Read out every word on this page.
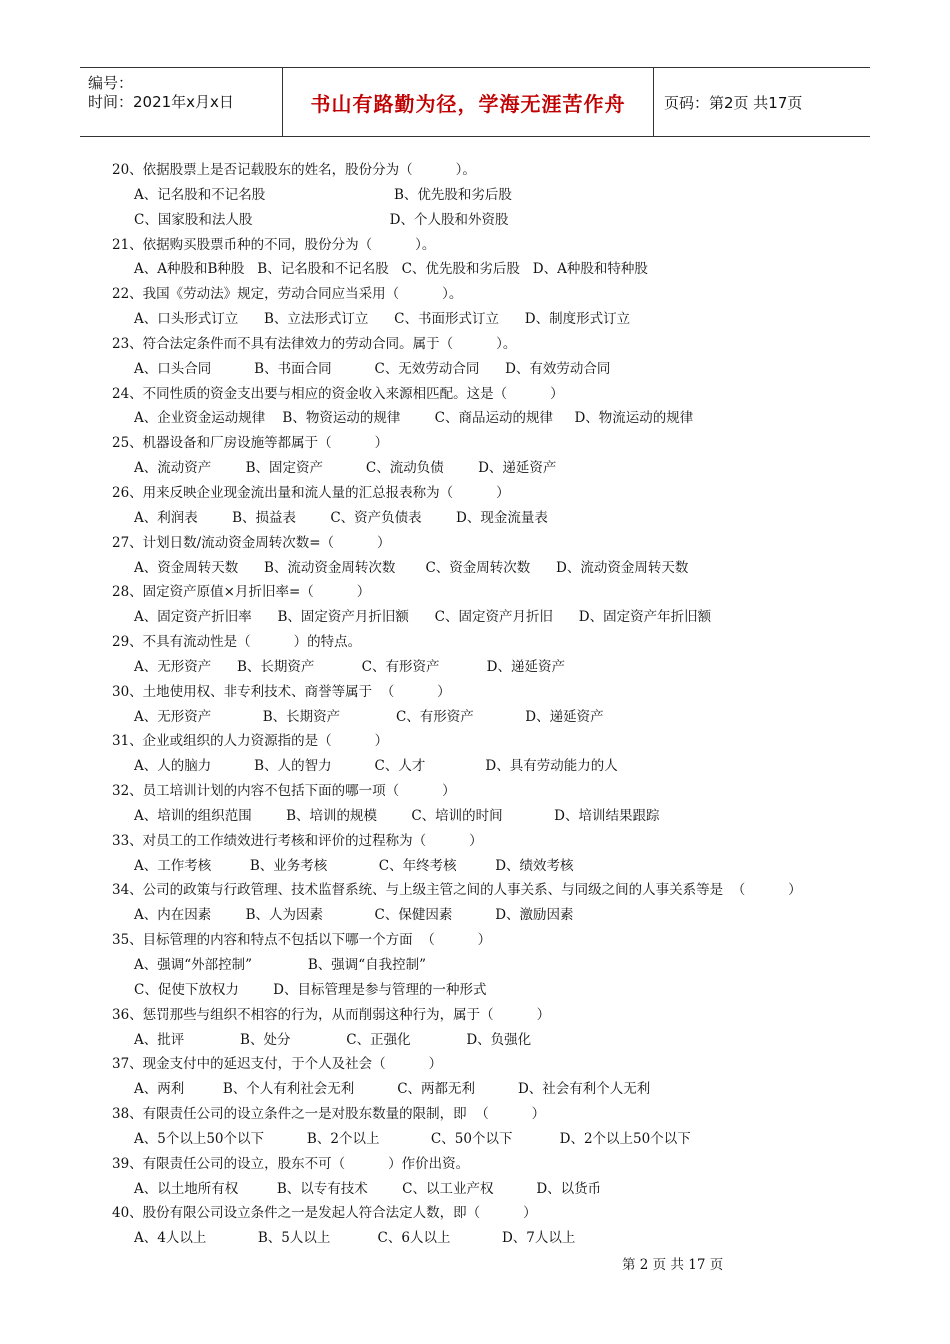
编号：
时间：2021年x月x日	书山有路勤为径，学海无涯苦作舟	页码：第2页 共17页
20、依据股票上是否记载股东的姓名，股份分为（          ）。
A、记名股和不记名股                              B、优先股和劣后股
C、国家股和法人股                                D、个人股和外资股
21、依据购买股票币种的不同，股份分为（          ）。
A、A种股和B种股   B、记名股和不记名股   C、优先股和劣后股   D、A种股和特种股
22、我国《劳动法》规定，劳动合同应当采用（          ）。
A、口头形式订立      B、立法形式订立      C、书面形式订立      D、制度形式订立
23、符合法定条件而不具有法律效力的劳动合同。属于（          ）。
A、口头合同          B、书面合同          C、无效劳动合同      D、有效劳动合同
24、不同性质的资金支出要与相应的资金收入来源相匹配。这是（          ）
A、企业资金运动规律    B、物资运动的规律        C、商品运动的规律     D、物流运动的规律
25、机器设备和厂房设施等都属于（          ）
A、流动资产        B、固定资产          C、流动负债        D、递延资产
26、用来反映企业现金流出量和流人量的汇总报表称为（          ）
A、利润表        B、损益表        C、资产负债表        D、现金流量表
27、计划日数/流动资金周转次数=（          ）
A、资金周转天数      B、流动资金周转次数       C、资金周转次数      D、流动资金周转天数
28、固定资产原值×月折旧率=（          ）
A、固定资产折旧率      B、固定资产月折旧额      C、固定资产月折旧      D、固定资产年折旧额
29、不具有流动性是（          ）的特点。
A、无形资产      B、长期资产           C、有形资产           D、递延资产
30、土地使用权、非专利技术、商誉等属于  （          ）
A、无形资产            B、长期资产             C、有形资产            D、递延资产
31、企业或组织的人力资源指的是（          ）
A、人的脑力          B、人的智力          C、人才              D、具有劳动能力的人
32、员工培训计划的内容不包括下面的哪一项（          ）
A、培训的组织范围        B、培训的规模        C、培训的时间            D、培训结果跟踪
33、对员工的工作绩效进行考核和评价的过程称为（          ）
A、工作考核         B、业务考核            C、年终考核         D、绩效考核
34、公司的政策与行政管理、技术监督系统、与上级主管之间的人事关系、与同级之间的人事关系等是  （          ）
A、内在因素        B、人为因素            C、保健因素          D、激励因素
35、目标管理的内容和特点不包括以下哪一个方面  （          ）
A、强调“外部控制”             B、强调“自我控制”
C、促使下放权力        D、目标管理是参与管理的一种形式
36、惩罚那些与组织不相容的行为，从而削弱这种行为，属于（          ）
A、批评             B、处分             C、正强化             D、负强化
37、现金支付中的延迟支付，于个人及社会（          ）
A、两利         B、个人有利社会无利          C、两都无利          D、社会有利个人无利
38、有限责任公司的设立条件之一是对股东数量的限制，即  （          ）
A、5个以上50个以下          B、2个以上            C、50个以下           D、2个以上50个以下
39、有限责任公司的设立，股东不可（          ）作价出资。
A、以土地所有权         B、以专有技术        C、以工业产权          D、以货币
40、股份有限公司设立条件之一是发起人符合法定人数，即（          ）
A、4人以上            B、5人以上           C、6人以上            D、7人以上
第 2 页 共 17 页
